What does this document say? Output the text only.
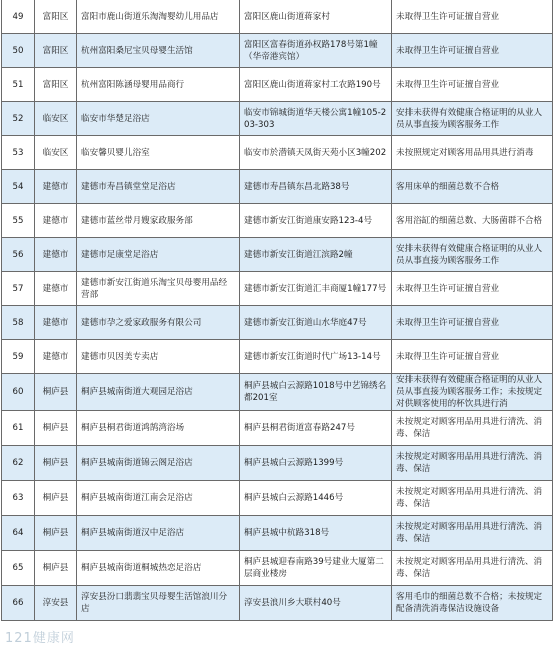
49	富阳区	富阳市鹿山街道乐淘淘婴幼儿用品店	富阳区鹿山街道蒋家村	未取得卫生许可证擅自营业
50	富阳区	杭州富阳桑尼宝贝母婴生活馆	富阳区富春街道孙权路178号第1幢（华帝港宾馆）	未取得卫生许可证擅自营业
51	富阳区	杭州富阳陈涵母婴用品商行	富阳区鹿山街道蒋家村工农路190号	未取得卫生许可证擅自营业
52	临安区	临安市华楚足浴店	临安市锦城街道华天楼公寓1幢105-203-303	安排未获得有效健康合格证明的从业人员从事直接为顾客服务工作
53	临安区	临安馨贝婴儿浴室	临安市於潜镇天凤街天苑小区3幢202	未按照规定对顾客用品用具进行消毒
54	建德市	建德市寿昌镇堂堂足浴店	建德市寿昌镇东昌北路38号	客用床单的细菌总数不合格
55	建德市	建德市蓝丝带月嫂家政服务部	建德市新安江街道康安路123-4号	客用浴缸的细菌总数、大肠菌群不合格
56	建德市	建德市足康堂足浴店	建德市新安江街道江滨路2幢	安排未获得有效健康合格证明的从业人员从事直接为顾客服务工作
57	建德市	建德市新安江街道乐淘宝贝母婴用品经营部	建德市新安江街道汇丰商厦1幢177号	未取得卫生许可证擅自营业
58	建德市	建德市孕之爱家政服务有限公司	建德市新安江街道山水华庭47号	未取得卫生许可证擅自营业
59	建德市	建德市贝因美专卖店	建德市新安江街道时代广场13-14号	未取得卫生许可证擅自营业
60	桐庐县	桐庐县城南街道大观园足浴店	桐庐县城白云源路1018号中艺锦绣名都201室	安排未获得有效健康合格证明的从业人员从事直接为顾客服务工作；未按规定对供顾客使用的杯饮具进行消
61	桐庐县	桐庐县桐君街道鸿鹄湾浴场	桐庐县桐君街道富春路247号	未按规定对顾客用品用具进行清洗、消毒、保洁
62	桐庐县	桐庐县城南街道锦云阁足浴店	桐庐县城白云源路1399号	未按规定对顾客用品用具进行清洗、消毒、保洁
63	桐庐县	桐庐县城南街道江南会足浴店	桐庐县城白云源路1446号	未按规定对顾客用品用具进行清洗、消毒、保洁
64	桐庐县	桐庐县城南街道汉中足浴店	桐庐县城中杭路318号	未按规定对顾客用品用具进行清洗、消毒、保洁
65	桐庐县	桐庐县城南街道桐城热恋足浴店	桐庐县城迎春南路39号建业大厦第二层商业楼房	未按规定对顾客用品用具进行清洗、消毒、保洁
66	淳安县	淳安县汾口翡翡宝贝母婴生活馆浪川分店	淳安县浪川乡大联村40号	客用毛巾的细菌总数不合格；未按规定配备清洗消毒保洁设施设备
121健康网
